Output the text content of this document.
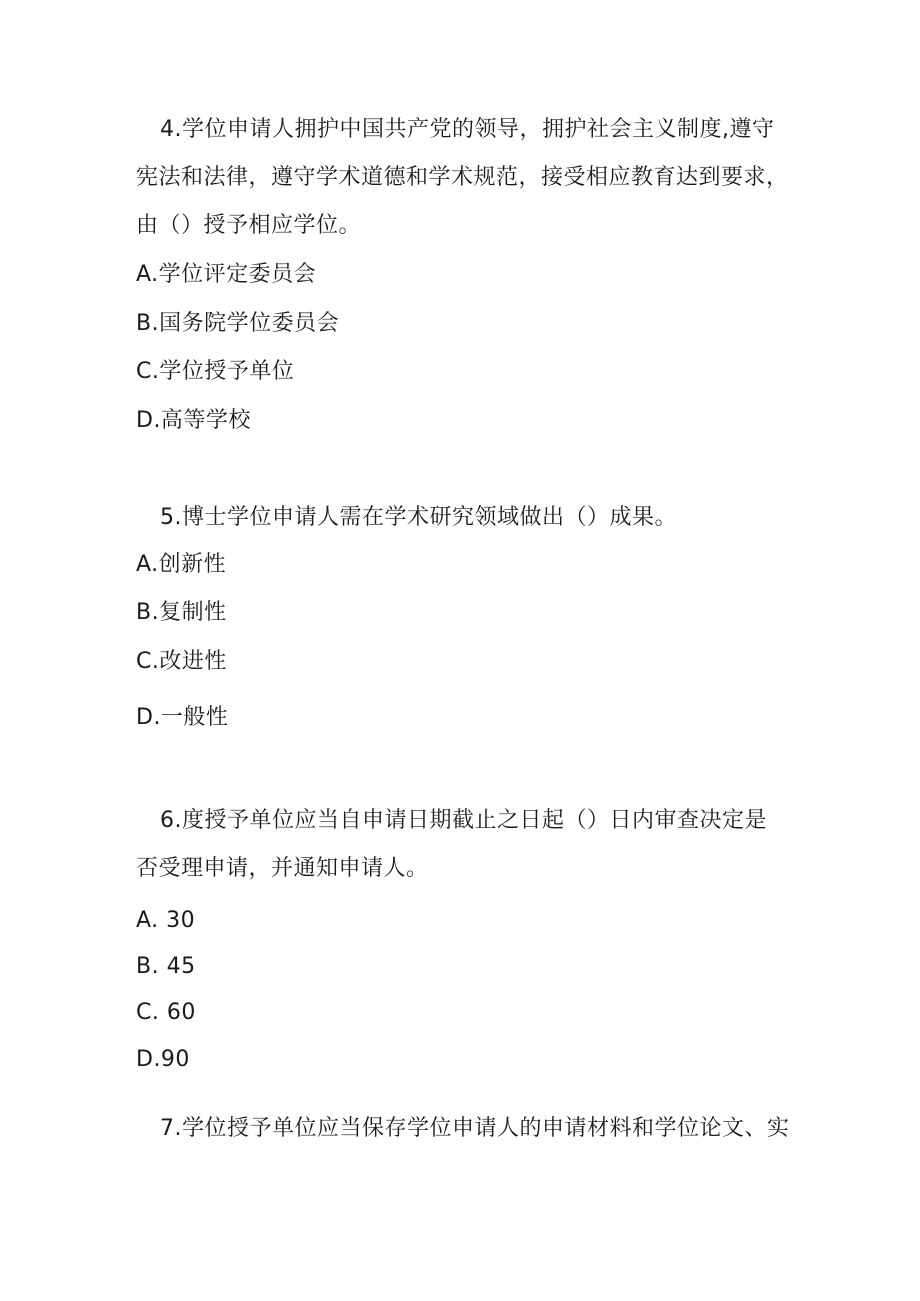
4.学位申请人拥护中国共产党的领导，拥护社会主义制度,遵守
宪法和法律，遵守学术道德和学术规范，接受相应教育达到要求，
由（）授予相应学位。
A.学位评定委员会
B.国务院学位委员会
C.学位授予单位
D.高等学校
5.博士学位申请人需在学术研究领域做出（）成果。
A.创新性
B.复制性
C.改进性
D.一般性
6.度授予单位应当自申请日期截止之日起（）日内审查决定是
否受理申请，并通知申请人。
A. 30
B. 45
C. 60
D.90
7.学位授予单位应当保存学位申请人的申请材料和学位论文、实
